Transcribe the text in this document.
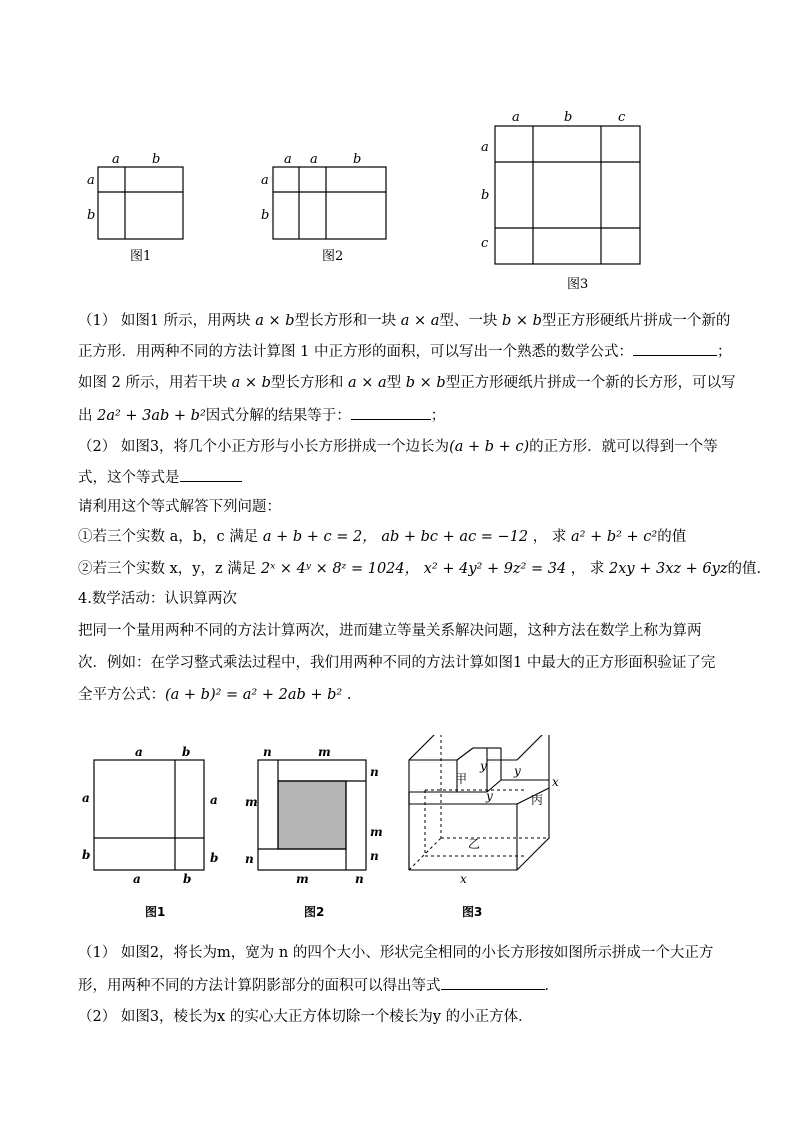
a b
a
b
图1
a a	b
a
b
图2
a	b	c
a
b
c
图3
（1） 如图1 所示，用两块 a × b型长方形和一块 a × a型、一块 b × b型正方形硬纸片拼成一个新的
正方形．用两种不同的方法计算图 1 中正方形的面积，可以写出一个熟悉的数学公式：	；
如图 2 所示，用若干块 a × b型长方形和 a × a型 b × b型正方形硬纸片拼成一个新的长方形，可以写
出 2a² + 3ab + b²因式分解的结果等于：	；
（2） 如图3，将几个小正方形与小长方形拼成一个边长为(a + b + c)的正方形．就可以得到一个等
式，这个等式是
请利用这个等式解答下列问题：
①若三个实数 a，b，c 满足 a + b + c = 2， ab + bc + ac = −12 ， 求 a² + b² + c²的值
②若三个实数 x，y，z 满足 2ˣ × 4ʸ × 8ᶻ = 1024， x² + 4y² + 9z² = 34 ， 求 2xy + 3xz + 6yz的值．
4.数学活动：认识算两次
把同一个量用两种不同的方法计算两次，进而建立等量关系解决问题，这种方法在数学上称为算两
次．例如：在学习整式乘法过程中，我们用两种不同的方法计算如图1 中最大的正方形面积验证了完
全平方公式：(a + b)² = a² + 2ab + b² .
a	b
a	b
a
b
a
b
图1
n	m
m	n
m
n
n
m
n
图2
甲
乙
丙
y y
y
x
x
图3
（1） 如图2，将长为m，宽为 n 的四个大小、形状完全相同的小长方形按如图所示拼成一个大正方
形，用两种不同的方法计算阴影部分的面积可以得出等式	．
（2） 如图3，棱长为x 的实心大正方体切除一个棱长为y 的小正方体．
